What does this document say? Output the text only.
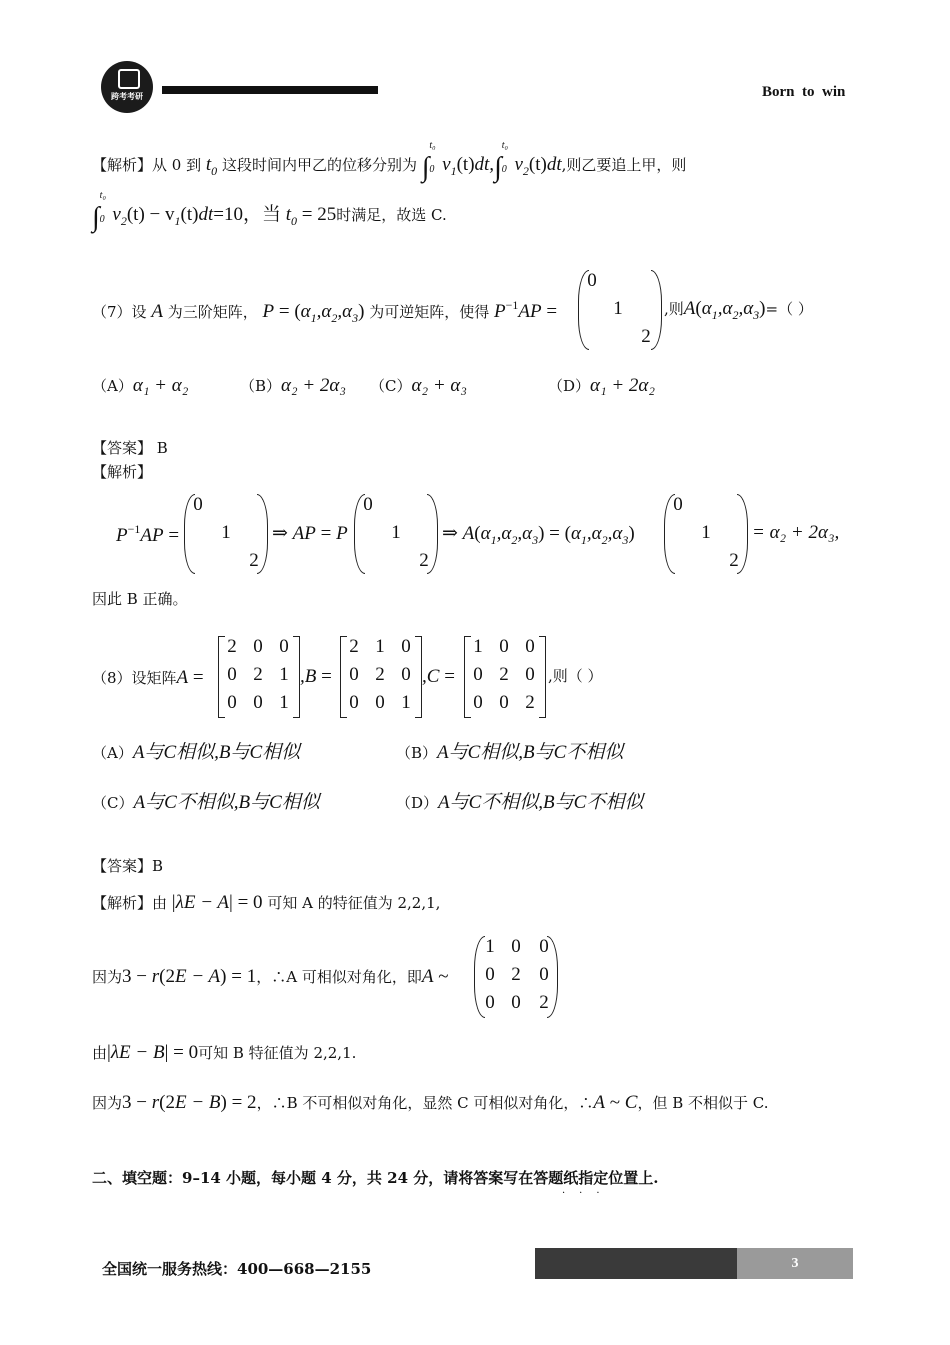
跨考考研	Born  to  win
【解析】从 0 到 $t_0$ 这段时间内甲乙的位移分别为 ∫
t₀
0 $v_1(t)dt,\int$
t₀
0 $v_2(t)dt$,则乙要追上甲，则
∫
t₀
0 $v_2(t) - v_1(t)dt=10$，当 $t_0 = 25$时满足，故选 C.
（7）设 A 为三阶矩阵， $P = (\alpha_1,\alpha_2,\alpha_3)$ 为可逆矩阵，使得 $P^{-1}AP$ =
0
1
2
,则$A(\alpha_1,\alpha_2,\alpha_3)=$（ ）
（A）α₁ + α₂	（B）α₂ + 2α₃ （C）α₂ + α₃	（D）α₁ + 2α₂
【答案】 B
【解析】
$P^{-1}AP$ =
0
1
2
⇒ AP = P
0
1
2
⇒ $A(\alpha_1,\alpha_2,\alpha_3) = (\alpha_1,\alpha_2,\alpha_3)$
0
1
2
= α₂ + 2α₃,
因此 B 正确。
（8）设矩阵A =
2 0 0
0 2 1
0 0 1
,B =
2 1 0
0 2 0
0 0 1
,C =
1 0 0
0 2 0
0 0 2
,则（ ）
（A）A与C相似,B与C相似	（B）A与C相似,B与C不相似
（C）A与C不相似,B与C相似	（D）A与C不相似,B与C不相似
【答案】B
【解析】由 |λE − A| = 0 可知 A 的特征值为 2,2,1,
因为3 − r(2E − A) = 1，∴A 可相似对角化，即A ~
1 0 0
0 2 0
0 0 2
由|λE − B| = 0可知 B 特征值为 2,2,1.
因为3 − r(2E − B) = 2，∴B 不可相似对角化，显然 C 可相似对角化，∴A ~ C，但 B 不相似于 C.
二、填空题：9–14 小题，每小题 4 分，共 24 分，请将答案写在答题纸指定位置上.
···
全国统一服务热线：400—668—2155	3
